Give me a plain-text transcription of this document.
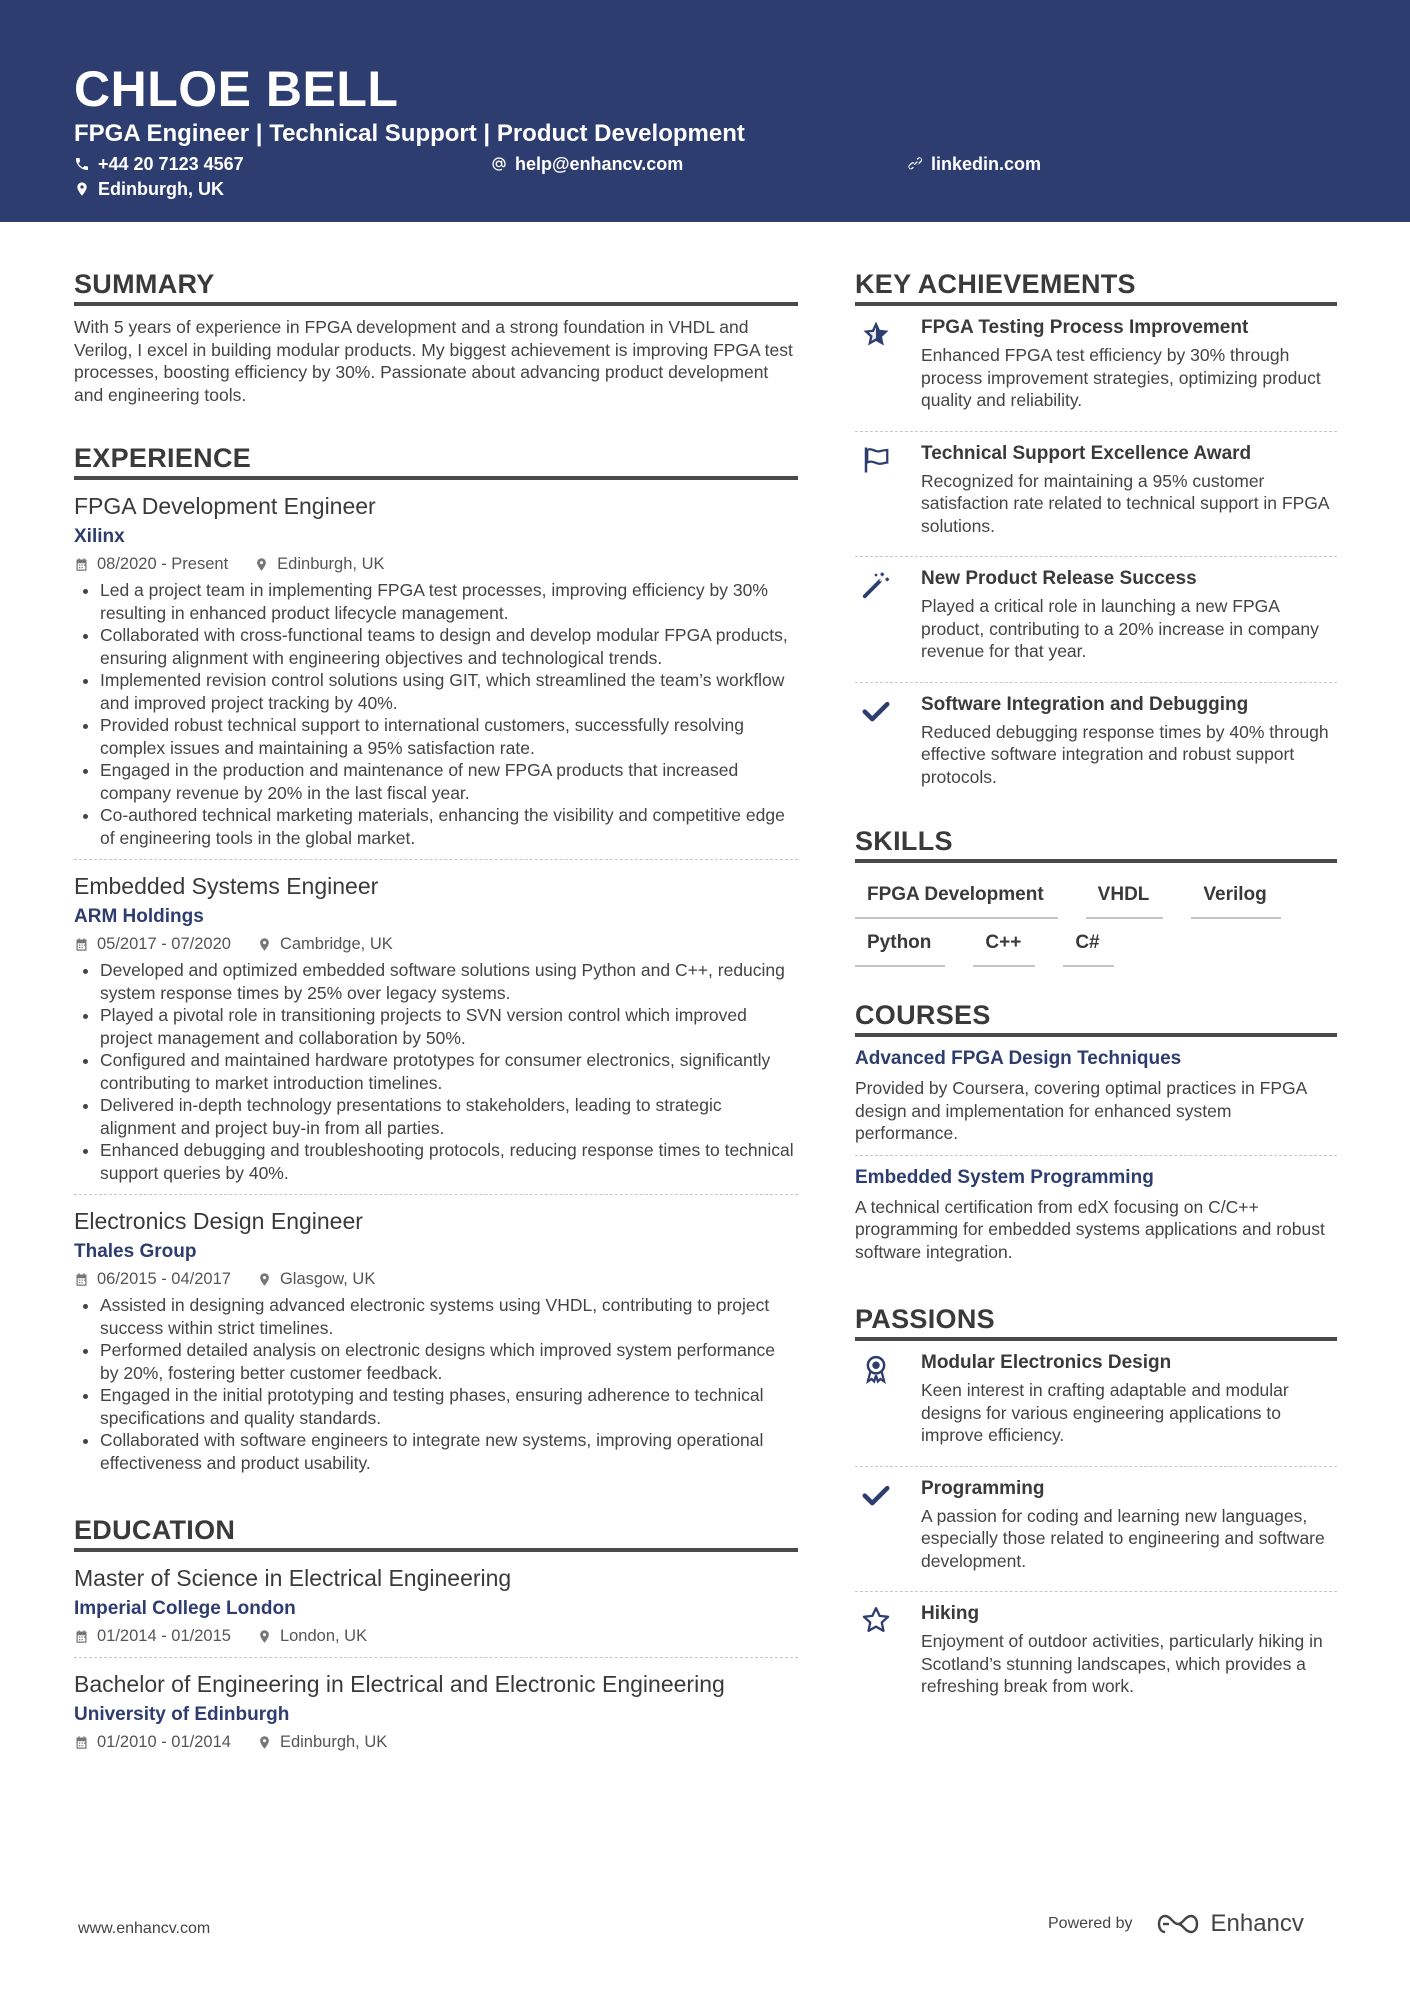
CHLOE BELL
FPGA Engineer | Technical Support | Product Development
+44 20 7123 4567	help@enhancv.com	linkedin.com
Edinburgh, UK
SUMMARY
With 5 years of experience in FPGA development and a strong foundation in VHDL and Verilog, I excel in building modular products. My biggest achievement is improving FPGA test processes, boosting efficiency by 30%. Passionate about advancing product development and engineering tools.
EXPERIENCE
FPGA Development Engineer
Xilinx
08/2020 - Present	Edinburgh, UK
• Led a project team in implementing FPGA test processes, improving efficiency by 30% resulting in enhanced product lifecycle management.
• Collaborated with cross-functional teams to design and develop modular FPGA products, ensuring alignment with engineering objectives and technological trends.
• Implemented revision control solutions using GIT, which streamlined the team’s workflow and improved project tracking by 40%.
• Provided robust technical support to international customers, successfully resolving complex issues and maintaining a 95% satisfaction rate.
• Engaged in the production and maintenance of new FPGA products that increased company revenue by 20% in the last fiscal year.
• Co-authored technical marketing materials, enhancing the visibility and competitive edge of engineering tools in the global market.
Embedded Systems Engineer
ARM Holdings
05/2017 - 07/2020	Cambridge, UK
• Developed and optimized embedded software solutions using Python and C++, reducing system response times by 25% over legacy systems.
• Played a pivotal role in transitioning projects to SVN version control which improved project management and collaboration by 50%.
• Configured and maintained hardware prototypes for consumer electronics, significantly contributing to market introduction timelines.
• Delivered in-depth technology presentations to stakeholders, leading to strategic alignment and project buy-in from all parties.
• Enhanced debugging and troubleshooting protocols, reducing response times to technical support queries by 40%.
Electronics Design Engineer
Thales Group
06/2015 - 04/2017	Glasgow, UK
• Assisted in designing advanced electronic systems using VHDL, contributing to project success within strict timelines.
• Performed detailed analysis on electronic designs which improved system performance by 20%, fostering better customer feedback.
• Engaged in the initial prototyping and testing phases, ensuring adherence to technical specifications and quality standards.
• Collaborated with software engineers to integrate new systems, improving operational effectiveness and product usability.
EDUCATION
Master of Science in Electrical Engineering
Imperial College London
01/2014 - 01/2015	London, UK
Bachelor of Engineering in Electrical and Electronic Engineering
University of Edinburgh
01/2010 - 01/2014	Edinburgh, UK
KEY ACHIEVEMENTS
FPGA Testing Process Improvement
Enhanced FPGA test efficiency by 30% through process improvement strategies, optimizing product quality and reliability.
Technical Support Excellence Award
Recognized for maintaining a 95% customer satisfaction rate related to technical support in FPGA solutions.
New Product Release Success
Played a critical role in launching a new FPGA product, contributing to a 20% increase in company revenue for that year.
Software Integration and Debugging
Reduced debugging response times by 40% through effective software integration and robust support protocols.
SKILLS
FPGA Development	VHDL	Verilog
Python	C++	C#
COURSES
Advanced FPGA Design Techniques
Provided by Coursera, covering optimal practices in FPGA design and implementation for enhanced system performance.
Embedded System Programming
A technical certification from edX focusing on C/C++ programming for embedded systems applications and robust software integration.
PASSIONS
Modular Electronics Design
Keen interest in crafting adaptable and modular designs for various engineering applications to improve efficiency.
Programming
A passion for coding and learning new languages, especially those related to engineering and software development.
Hiking
Enjoyment of outdoor activities, particularly hiking in Scotland’s stunning landscapes, which provides a refreshing break from work.
www.enhancv.com	Powered by	Enhancv
